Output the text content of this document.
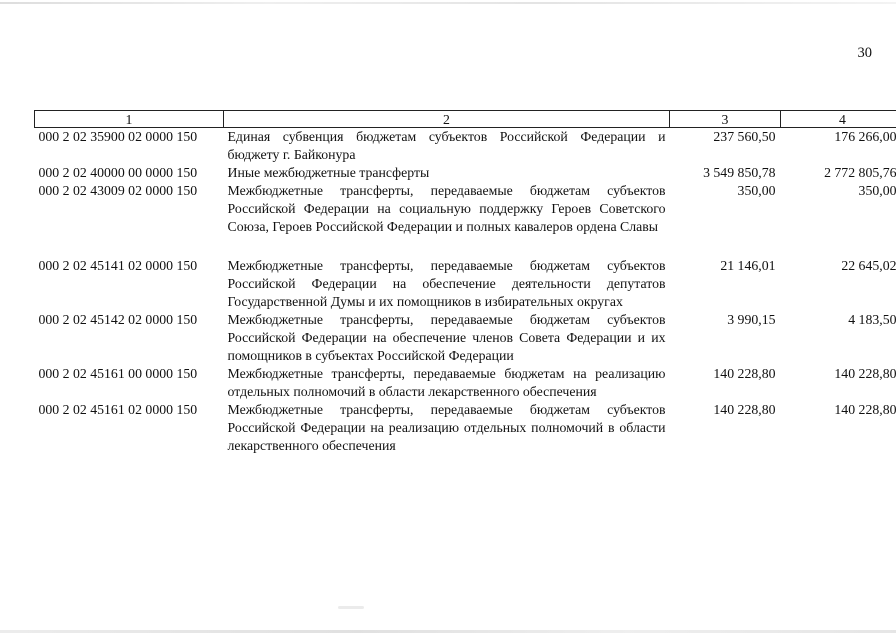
30
1	2	3	4
000 2 02 35900 02 0000 150	Единая субвенция бюджетам субъектов Российской Федерации и бюджету г. Байконура	237 560,50	176 266,00
000 2 02 40000 00 0000 150	Иные межбюджетные трансферты	3 549 850,78	2 772 805,76
000 2 02 43009 02 0000 150	Межбюджетные трансферты, передаваемые бюджетам субъектов Российской Федерации на социальную поддержку Героев Советского Союза, Героев Российской Федерации и полных кавалеров ордена Славы	350,00	350,00
000 2 02 45141 02 0000 150	Межбюджетные трансферты, передаваемые бюджетам субъектов Российской Федерации на обеспечение деятельности депутатов Государственной Думы и их помощников в избирательных округах	21 146,01	22 645,02
000 2 02 45142 02 0000 150	Межбюджетные трансферты, передаваемые бюджетам субъектов Российской Федерации на обеспечение членов Совета Федерации и их помощников в субъектах Российской Федерации	3 990,15	4 183,50
000 2 02 45161 00 0000 150	Межбюджетные трансферты, передаваемые бюджетам на реализацию отдельных полномочий в области лекарственного обеспечения	140 228,80	140 228,80
000 2 02 45161 02 0000 150	Межбюджетные трансферты, передаваемые бюджетам субъектов Российской Федерации на реализацию отдельных полномочий в области лекарственного обеспечения	140 228,80	140 228,80
